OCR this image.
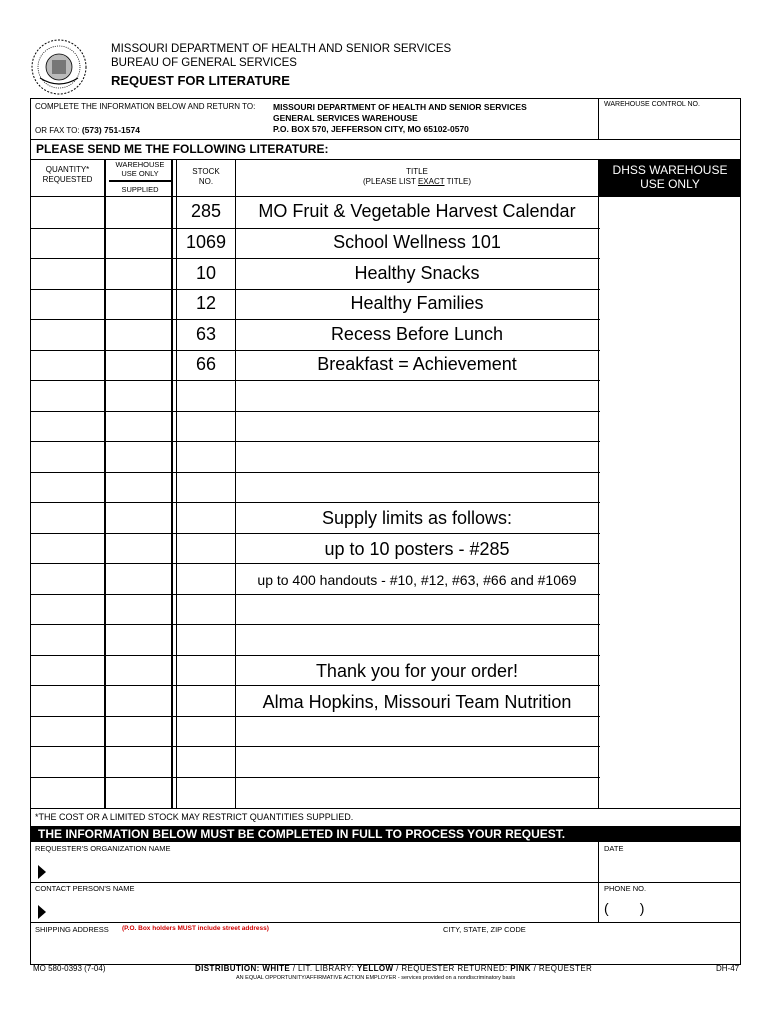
MISSOURI DEPARTMENT OF HEALTH AND SENIOR SERVICES
BUREAU OF GENERAL SERVICES
REQUEST FOR LITERATURE
COMPLETE THE INFORMATION BELOW AND RETURN TO: MISSOURI DEPARTMENT OF HEALTH AND SENIOR SERVICES
GENERAL SERVICES WAREHOUSE
P.O. BOX 570, JEFFERSON CITY, MO 65102-0570
OR FAX TO: (573) 751-1574
WAREHOUSE CONTROL NO.
PLEASE SEND ME THE FOLLOWING LITERATURE:
QUANTITY*
REQUESTED
WAREHOUSE
USE ONLY
SUPPLIED
STOCK
NO.
TITLE
(PLEASE LIST EXACT TITLE)
DHSS WAREHOUSE
USE ONLY
285	MO Fruit & Vegetable Harvest Calendar
1069	School Wellness 101
10	Healthy Snacks
12	Healthy Families
63	Recess Before Lunch
66	Breakfast = Achievement
Supply limits as follows:
up to 10 posters - #285
up to 400 handouts - #10, #12, #63, #66 and #1069
Thank you for your order!
Alma Hopkins, Missouri Team Nutrition
*THE COST OR A LIMITED STOCK MAY RESTRICT QUANTITIES SUPPLIED.
THE INFORMATION BELOW MUST BE COMPLETED IN FULL TO PROCESS YOUR REQUEST.
REQUESTER'S ORGANIZATION NAME	DATE
CONTACT PERSON'S NAME	PHONE NO.
(        )
SHIPPING ADDRESS (P.O. Box holders MUST include street address)	CITY, STATE, ZIP CODE
MO 580-0393 (7-04)	DISTRIBUTION: WHITE / LIT. LIBRARY: YELLOW / REQUESTER RETURNED: PINK / REQUESTER
AN EQUAL OPPORTUNITY/AFFIRMATIVE ACTION EMPLOYER - services provided on a nondiscriminatory basis
DH-47
